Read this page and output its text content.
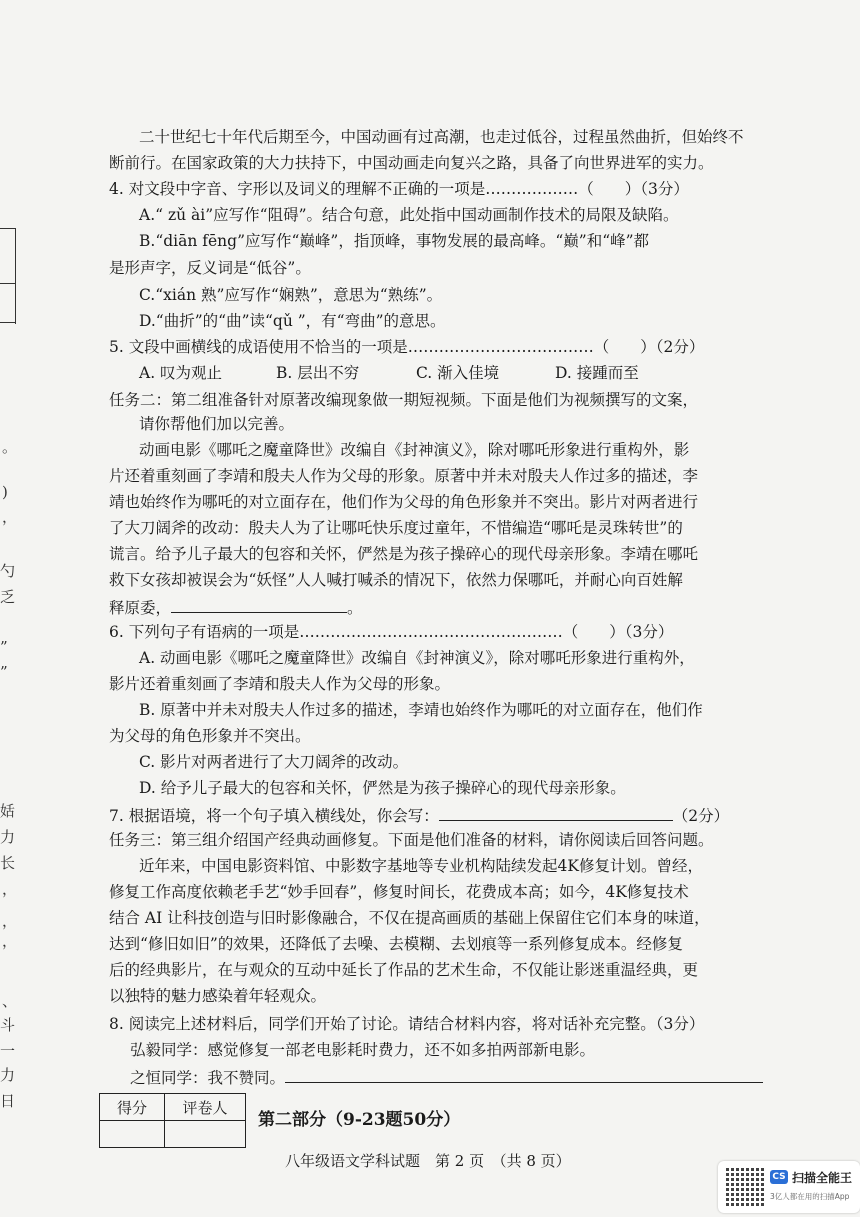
。
)
，
勺
乏
”
”
姡
力
长
，
，
，
、
斗
一
力
日
二十世纪七十年代后期至今，中国动画有过高潮，也走过低谷，过程虽然曲折，但始终不
断前行。在国家政策的大力扶持下，中国动画走向复兴之路，具备了向世界进军的实力。
4. 对文段中字音、字形以及词义的理解不正确的一项是………………（　　）（3分）
A.“ zǔ ài”应写作“阻碍”。结合句意，此处指中国动画制作技术的局限及缺陷。
B.“diān fēng”应写作“巅峰”，指顶峰，事物发展的最高峰。“巅”和“峰”都
是形声字，反义词是“低谷”。
C.“xián 熟”应写作“娴熟”，意思为“熟练”。
D.“曲折”的“曲”读“qǔ ”，有“弯曲”的意思。
5. 文段中画横线的成语使用不恰当的一项是………………………………（　　）（2分）
A. 叹为观止	B. 层出不穷	C. 渐入佳境	D. 接踵而至
任务二：第二组准备针对原著改编现象做一期短视频。下面是他们为视频撰写的文案，
请你帮他们加以完善。
动画电影《哪吒之魔童降世》改编自《封神演义》，除对哪吒形象进行重构外，影
片还着重刻画了李靖和殷夫人作为父母的形象。原著中并未对殷夫人作过多的描述，李
靖也始终作为哪吒的对立面存在，他们作为父母的角色形象并不突出。影片对两者进行
了大刀阔斧的改动：殷夫人为了让哪吒快乐度过童年，不惜编造“哪吒是灵珠转世”的
谎言。给予儿子最大的包容和关怀，俨然是为孩子操碎心的现代母亲形象。李靖在哪吒
救下女孩却被误会为“妖怪”人人喊打喊杀的情况下，依然力保哪吒，并耐心向百姓解
释原委，	。
6. 下列句子有语病的一项是……………………………………………（　　）（3分）
A. 动画电影《哪吒之魔童降世》改编自《封神演义》，除对哪吒形象进行重构外，
影片还着重刻画了李靖和殷夫人作为父母的形象。
B. 原著中并未对殷夫人作过多的描述，李靖也始终作为哪吒的对立面存在，他们作
为父母的角色形象并不突出。
C. 影片对两者进行了大刀阔斧的改动。
D. 给予儿子最大的包容和关怀，俨然是为孩子操碎心的现代母亲形象。
7. 根据语境，将一个句子填入横线处，你会写：	（2分）
任务三：第三组介绍国产经典动画修复。下面是他们准备的材料，请你阅读后回答问题。
近年来，中国电影资料馆、中影数字基地等专业机构陆续发起4K修复计划。曾经，
修复工作高度依赖老手艺“妙手回春”，修复时间长，花费成本高；如今，4K修复技术
结合 AI 让科技创造与旧时影像融合，不仅在提高画质的基础上保留住它们本身的味道，
达到“修旧如旧”的效果，还降低了去噪、去模糊、去划痕等一系列修复成本。经修复
后的经典影片，在与观众的互动中延长了作品的艺术生命，不仅能让影迷重温经典，更
以独特的魅力感染着年轻观众。
8. 阅读完上述材料后，同学们开始了讨论。请结合材料内容，将对话补充完整。（3分）
弘毅同学：感觉修复一部老电影耗时费力，还不如多拍两部新电影。
之恒同学：我不赞同。
得分	评卷人

第二部分（9-23题50分）
八年级语文学科试题　第 2 页　（共 8 页）
CS 扫描全能王
3亿人都在用的扫描App
